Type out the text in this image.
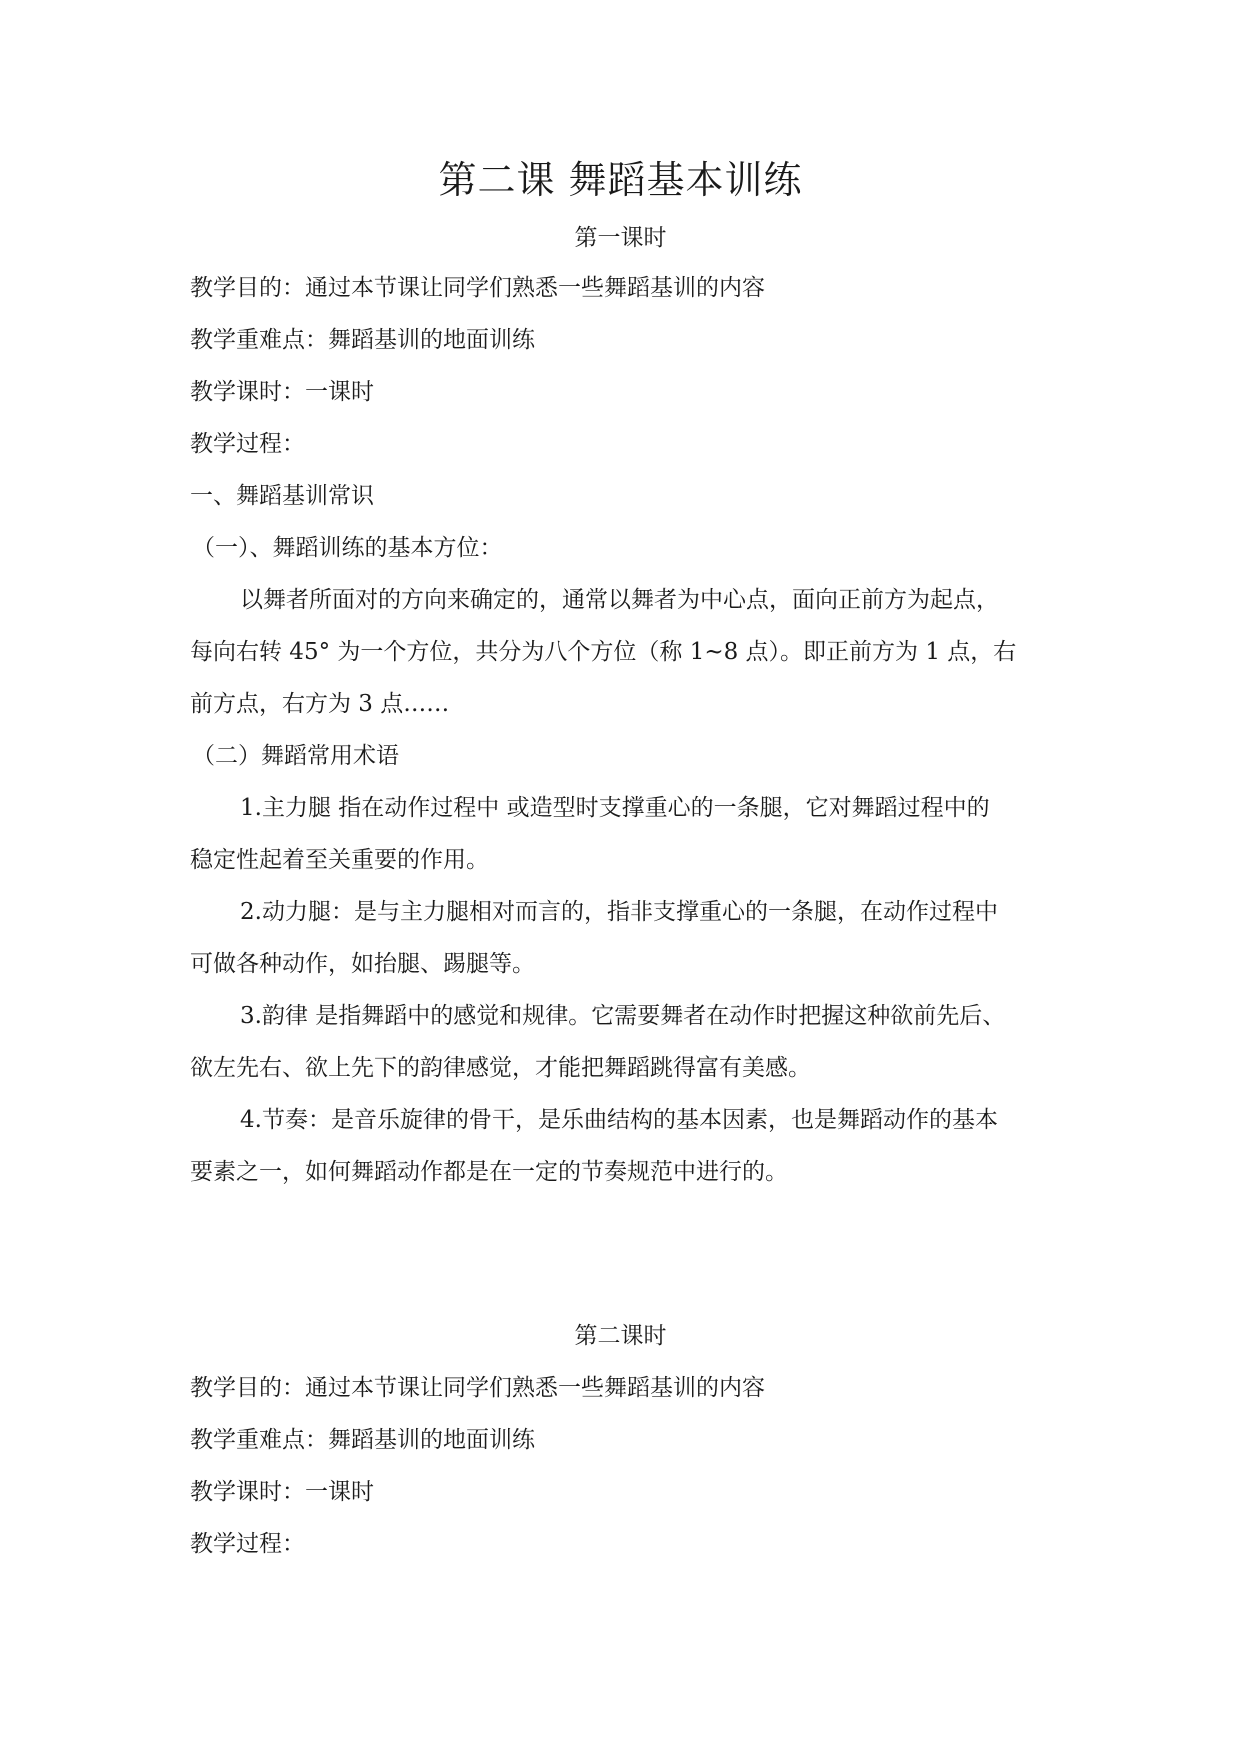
第二课 舞蹈基本训练
第一课时
教学目的：通过本节课让同学们熟悉一些舞蹈基训的内容
教学重难点：舞蹈基训的地面训练
教学课时：一课时
教学过程：
一、舞蹈基训常识
（一）、舞蹈训练的基本方位：
以舞者所面对的方向来确定的，通常以舞者为中心点，面向正前方为起点，
每向右转 45° 为一个方位，共分为八个方位（称 1~8 点）。即正前方为 1 点，右
前方点，右方为 3 点……
（二）舞蹈常用术语
1.主力腿 指在动作过程中 或造型时支撑重心的一条腿，它对舞蹈过程中的
稳定性起着至关重要的作用。
2.动力腿：是与主力腿相对而言的，指非支撑重心的一条腿，在动作过程中
可做各种动作，如抬腿、踢腿等。
3.韵律 是指舞蹈中的感觉和规律。它需要舞者在动作时把握这种欲前先后、
欲左先右、欲上先下的韵律感觉，才能把舞蹈跳得富有美感。
4.节奏：是音乐旋律的骨干，是乐曲结构的基本因素，也是舞蹈动作的基本
要素之一，如何舞蹈动作都是在一定的节奏规范中进行的。
第二课时
教学目的：通过本节课让同学们熟悉一些舞蹈基训的内容
教学重难点：舞蹈基训的地面训练
教学课时：一课时
教学过程：
